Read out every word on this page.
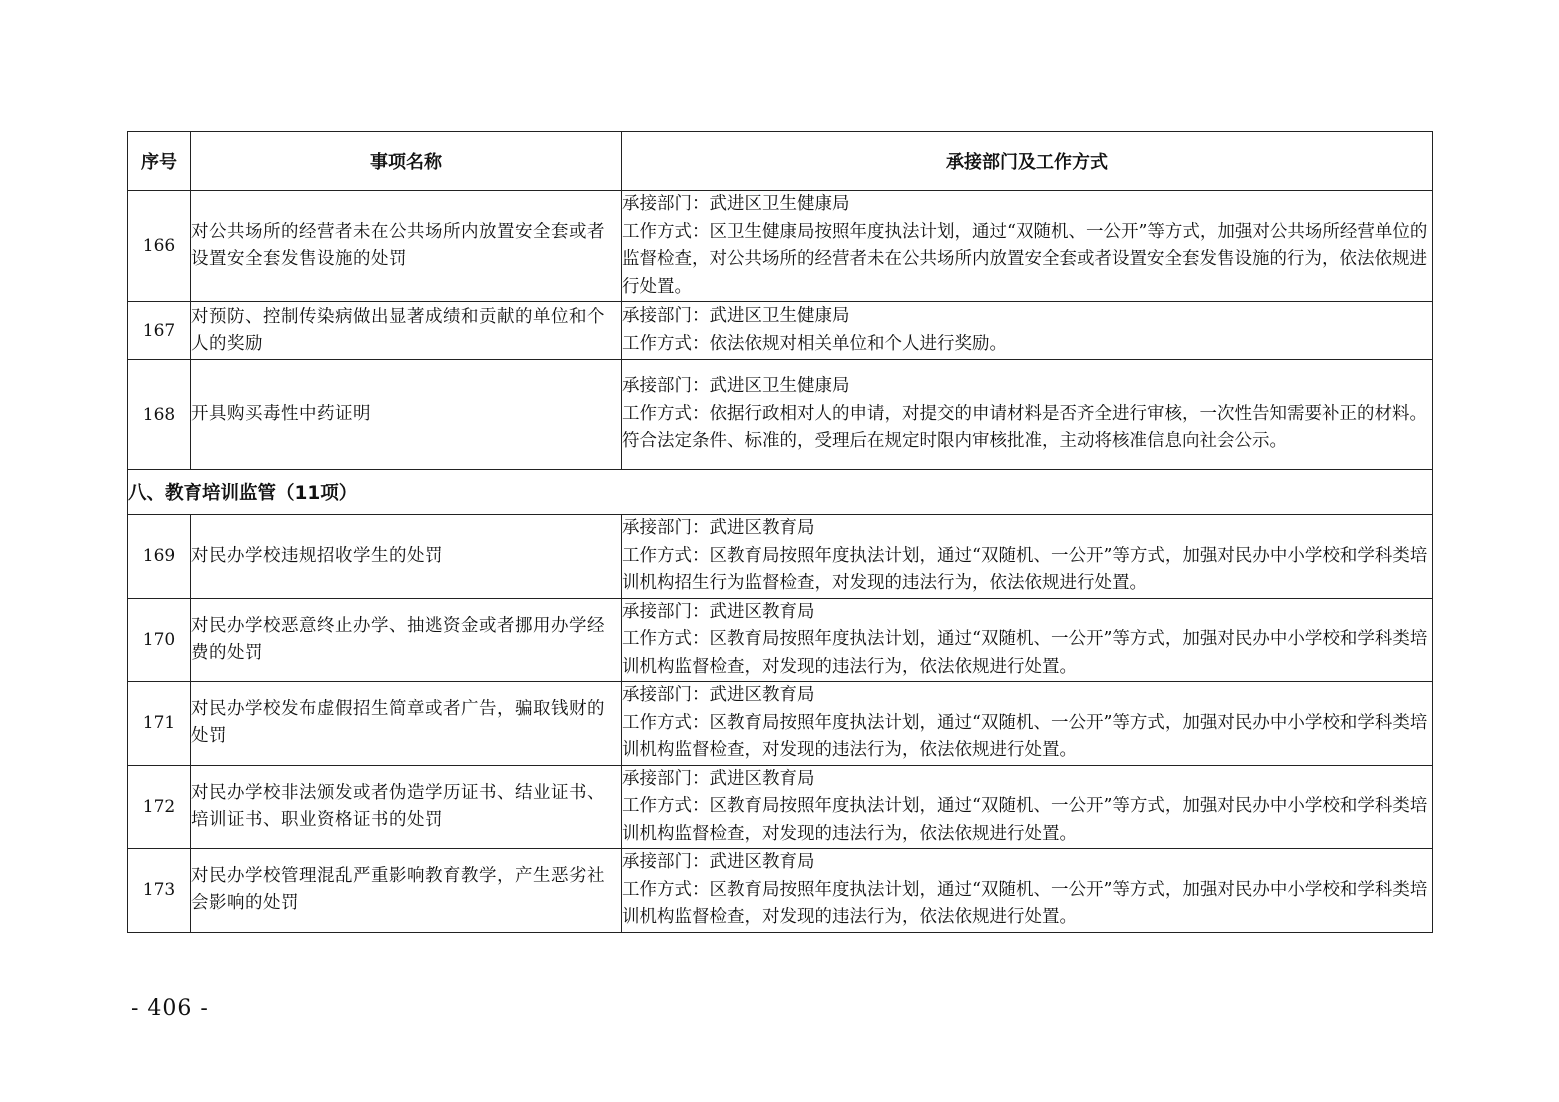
序号	事项名称	承接部门及工作方式
166	对公共场所的经营者未在公共场所内放置安全套或者设置安全套发售设施的处罚	承接部门：武进区卫生健康局
工作方式：区卫生健康局按照年度执法计划，通过“双随机、一公开”等方式，加强对公共场所经营单位的监督检查，对公共场所的经营者未在公共场所内放置安全套或者设置安全套发售设施的行为，依法依规进行处置。

167	对预防、控制传染病做出显著成绩和贡献的单位和个人的奖励	承接部门：武进区卫生健康局
工作方式：依法依规对相关单位和个人进行奖励。

168	开具购买毒性中药证明	承接部门：武进区卫生健康局
工作方式：依据行政相对人的申请，对提交的申请材料是否齐全进行审核，一次性告知需要补正的材料。符合法定条件、标准的，受理后在规定时限内审核批准，主动将核准信息向社会公示。

八、教育培训监管（11项）		
169	对民办学校违规招收学生的处罚	承接部门：武进区教育局
工作方式：区教育局按照年度执法计划，通过“双随机、一公开”等方式，加强对民办中小学校和学科类培训机构招生行为监督检查，对发现的违法行为，依法依规进行处置。

170	对民办学校恶意终止办学、抽逃资金或者挪用办学经费的处罚	承接部门：武进区教育局
工作方式：区教育局按照年度执法计划，通过“双随机、一公开”等方式，加强对民办中小学校和学科类培训机构监督检查，对发现的违法行为，依法依规进行处置。

171	对民办学校发布虚假招生简章或者广告，骗取钱财的处罚	承接部门：武进区教育局
工作方式：区教育局按照年度执法计划，通过“双随机、一公开”等方式，加强对民办中小学校和学科类培训机构监督检查，对发现的违法行为，依法依规进行处置。

172	对民办学校非法颁发或者伪造学历证书、结业证书、培训证书、职业资格证书的处罚	承接部门：武进区教育局
工作方式：区教育局按照年度执法计划，通过“双随机、一公开”等方式，加强对民办中小学校和学科类培训机构监督检查，对发现的违法行为，依法依规进行处置。

173	对民办学校管理混乱严重影响教育教学，产生恶劣社会影响的处罚	承接部门：武进区教育局
工作方式：区教育局按照年度执法计划，通过“双随机、一公开”等方式，加强对民办中小学校和学科类培训机构监督检查，对发现的违法行为，依法依规进行处置。
- 406 -
